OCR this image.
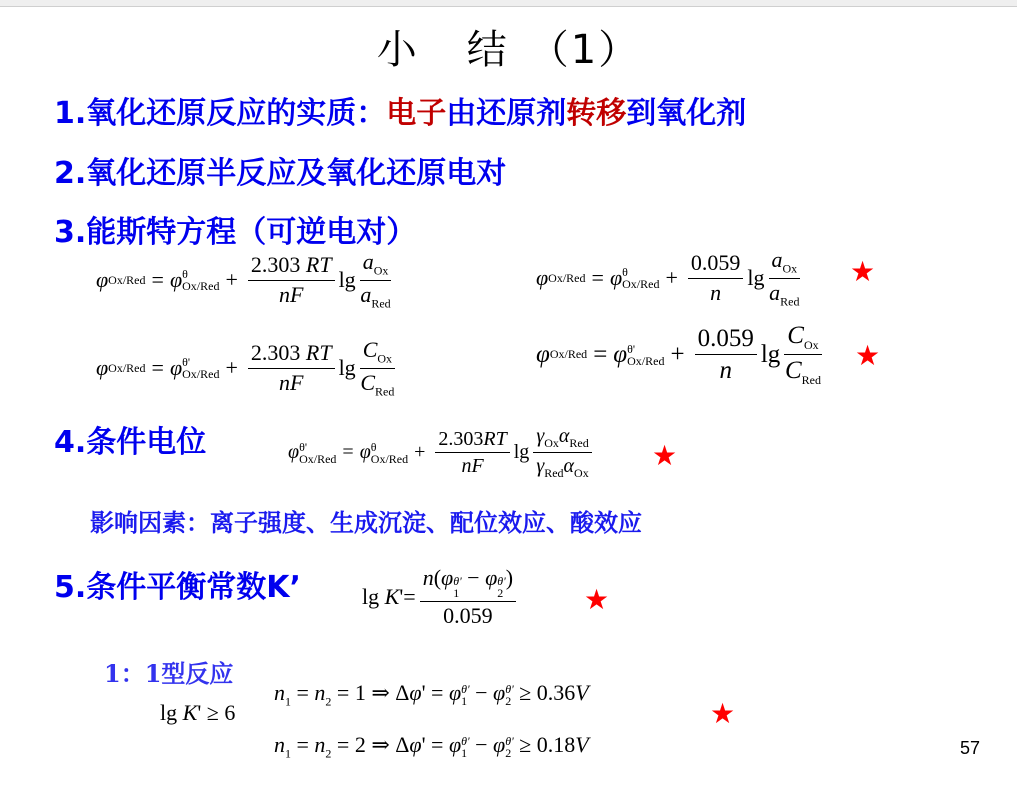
小 结 （1）
1.氧化还原反应的实质：电子由还原剂转移到氧化剂
2.氧化还原半反应及氧化还原电对
3.能斯特方程（可逆电对）
φ Ox/Red = φ θ
$Ox/Red + \frac{2.303 RT}{nF}$ $\lg \frac{a_{Ox}}{a_{Red}}$	φ Ox/Red = φ θ
$Ox/Red + \frac{0.059}{n}$ $\lg \frac{a_{Ox}}{a_{Red}}$ ★
φ Ox/Red = φ θ'
$Ox/Red + \frac{2.303 RT}{nF}$ $\lg \frac{C_{Ox}}{C_{Red}}$	φ Ox/Red = φ θ'
$Ox/Red + \frac{0.059}{n}$ $\lg \frac{C_{Ox}}{C_{Red}}$ ★
4.条件电位	φ θ'
Ox/Red = φ θ
$Ox/Red + \frac{2.303RT}{nF}$ $\lg \frac{\gamma_{Ox}\alpha_{Red}}{\gamma_{Red}\alpha_{Ox}}$ ★
影响因素：离子强度、生成沉淀、配位效应、酸效应
5.条件平衡常数K’	lg K'= n(φ θ'
1
− φ θ'
2
)
0.059 ★
1：1型反应
lg K' ≥ 6
$n_1 = n_2 = 1$ ⇒ Δφ' = φ θ'
1 − φ θ'
2 ≥ 0.36V
$n_1 = n_2 = 2$ ⇒ Δφ' = φ θ'
1 − φ θ'
2 ≥ 0.18V
★
57
